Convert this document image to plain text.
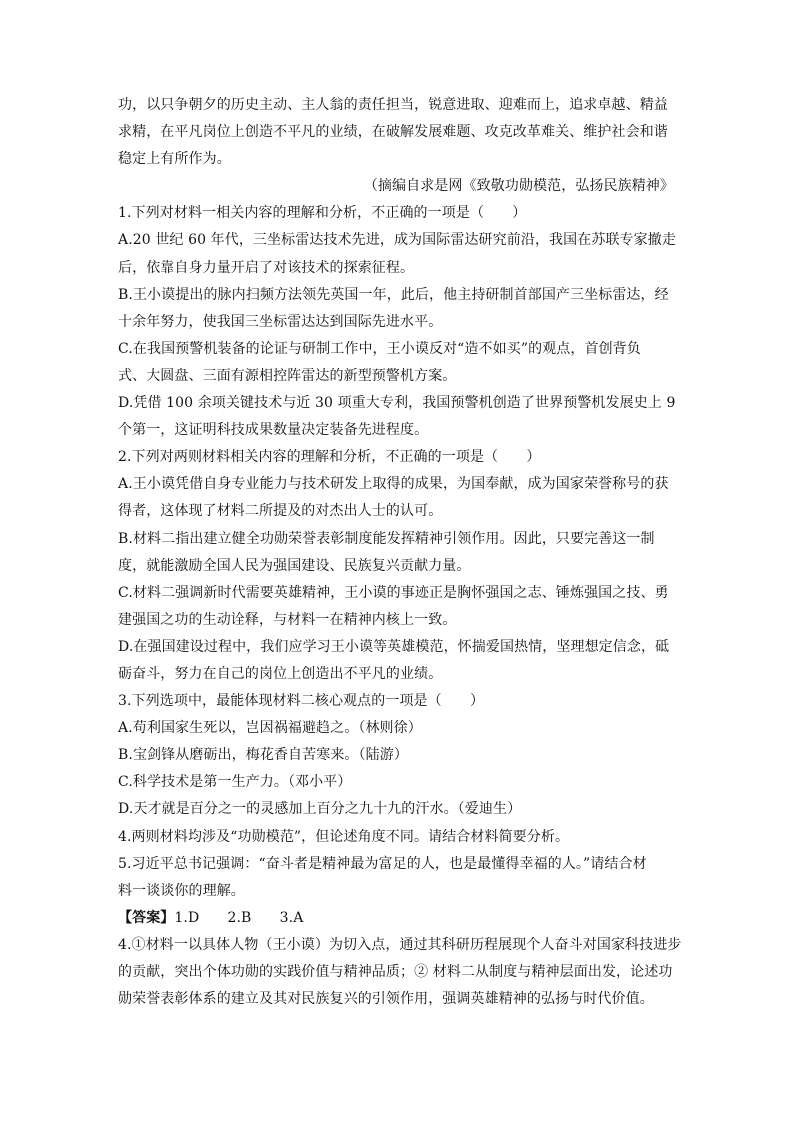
功，以只争朝夕的历史主动、主人翁的责任担当，锐意进取、迎难而上，追求卓越、精益
求精，在平凡岗位上创造不平凡的业绩，在破解发展难题、攻克改革难关、维护社会和谐
稳定上有所作为。
（摘编自求是网《致敬功勋模范，弘扬民族精神》
1.下列对材料一相关内容的理解和分析，不正确的一项是（　　）
A.20 世纪 60 年代，三坐标雷达技术先进，成为国际雷达研究前沿，我国在苏联专家撤走
后，依靠自身力量开启了对该技术的探索征程。
B.王小谟提出的脉内扫频方法领先英国一年，此后，他主持研制首部国产三坐标雷达，经
十余年努力，使我国三坐标雷达达到国际先进水平。
C.在我国预警机装备的论证与研制工作中，王小谟反对“造不如买”的观点，首创背负
式、大圆盘、三面有源相控阵雷达的新型预警机方案。
D.凭借 100 余项关键技术与近 30 项重大专利，我国预警机创造了世界预警机发展史上 9
个第一，这证明科技成果数量决定装备先进程度。
2.下列对两则材料相关内容的理解和分析，不正确的一项是（　　）
A.王小谟凭借自身专业能力与技术研发上取得的成果，为国奉献，成为国家荣誉称号的获
得者，这体现了材料二所提及的对杰出人士的认可。
B.材料二指出建立健全功勋荣誉表彰制度能发挥精神引领作用。因此，只要完善这一制
度，就能激励全国人民为强国建设、民族复兴贡献力量。
C.材料二强调新时代需要英雄精神，王小谟的事迹正是胸怀强国之志、锤炼强国之技、勇
建强国之功的生动诠释，与材料一在精神内核上一致。
D.在强国建设过程中，我们应学习王小谟等英雄模范，怀揣爱国热情，坚理想定信念，砥
砺奋斗，努力在自己的岗位上创造出不平凡的业绩。
3.下列选项中，最能体现材料二核心观点的一项是（　　）
A.苟利国家生死以，岂因祸福避趋之。（林则徐）
B.宝剑锋从磨砺出，梅花香自苦寒来。（陆游）
C.科学技术是第一生产力。（邓小平）
D.天才就是百分之一的灵感加上百分之九十九的汗水。（爱迪生）
4.两则材料均涉及“功勋模范”，但论述角度不同。请结合材料简要分析。
5.习近平总书记强调：“奋斗者是精神最为富足的人，也是最懂得幸福的人。”请结合材
料一谈谈你的理解。
【答案】1.D　　2.B　　3.A
4.①材料一以具体人物（王小谟）为切入点，通过其科研历程展现个人奋斗对国家科技进步
的贡献，突出个体功勋的实践价值与精神品质；② 材料二从制度与精神层面出发，论述功
勋荣誉表彰体系的建立及其对民族复兴的引领作用，强调英雄精神的弘扬与时代价值。
